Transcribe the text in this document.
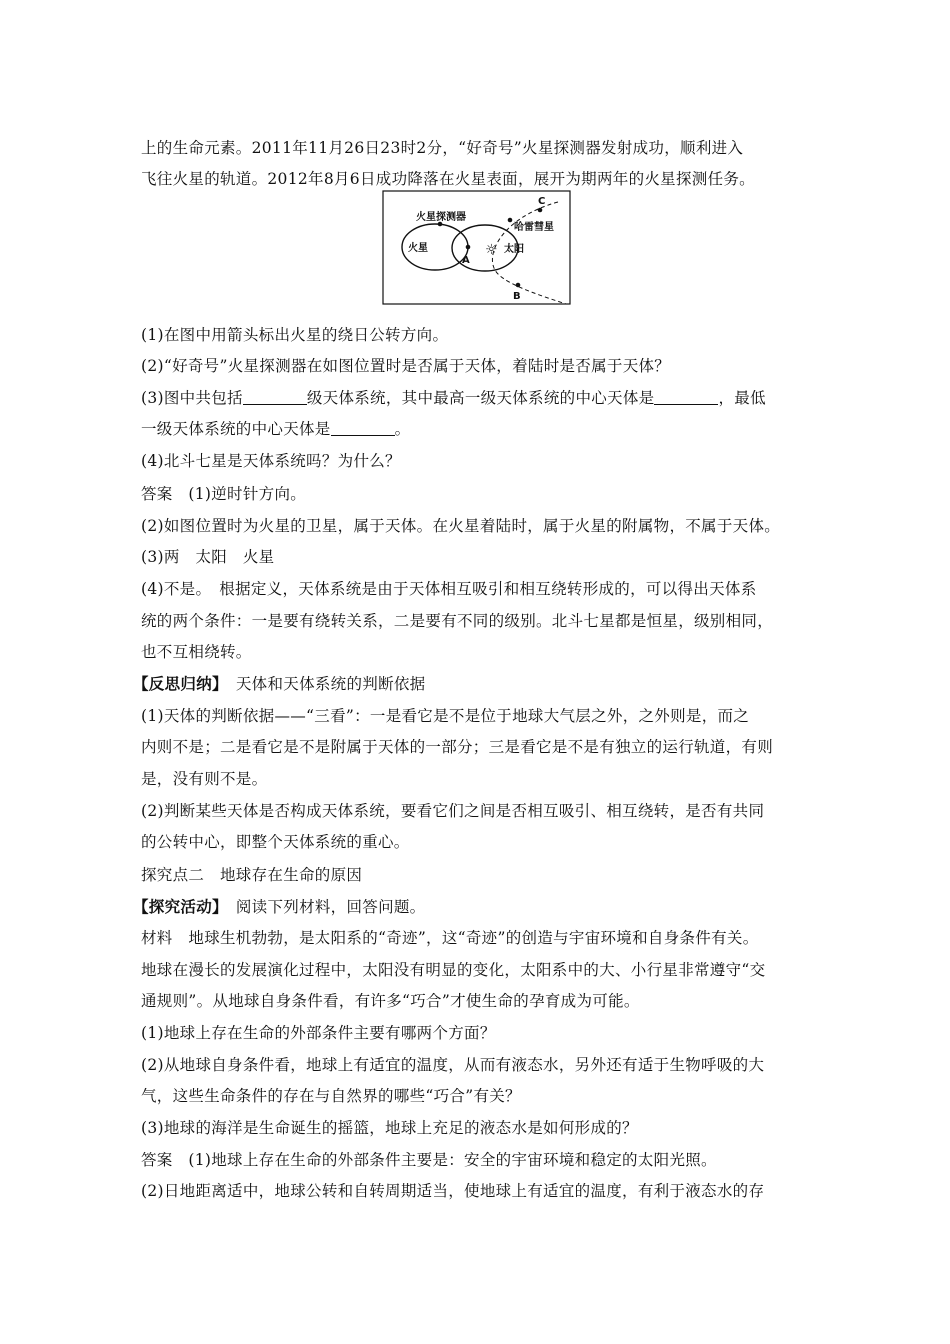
上的生命元素。2011年11月26日23时2分，“好奇号”火星探测器发射成功，顺利进入
飞往火星的轨道。2012年8月6日成功降落在火星表面，展开为期两年的火星探测任务。
火星探测器
火星
A
☼ 太阳
哈雷彗星
C
B
(1)在图中用箭头标出火星的绕日公转方向。
(2)“好奇号”火星探测器在如图位置时是否属于天体，着陆时是否属于天体？
(3)图中共包括	级天体系统，其中最高一级天体系统的中心天体是	，最低
一级天体系统的中心天体是	。
(4)北斗七星是天体系统吗？为什么？
答案　(1)逆时针方向。
(2)如图位置时为火星的卫星，属于天体。在火星着陆时，属于火星的附属物，不属于天体。
(3)两　太阳　火星
(4)不是。　根据定义，天体系统是由于天体相互吸引和相互绕转形成的，可以得出天体系
统的两个条件：一是要有绕转关系，二是要有不同的级别。北斗七星都是恒星，级别相同，
也不互相绕转。
【反思归纳】　天体和天体系统的判断依据
(1)天体的判断依据——“三看”：一是看它是不是位于地球大气层之外，之外则是，而之
内则不是；二是看它是不是附属于天体的一部分；三是看它是不是有独立的运行轨道，有则
是，没有则不是。
(2)判断某些天体是否构成天体系统，要看它们之间是否相互吸引、相互绕转，是否有共同
的公转中心，即整个天体系统的重心。
探究点二　地球存在生命的原因
【探究活动】　阅读下列材料，回答问题。
材料　地球生机勃勃，是太阳系的“奇迹”，这“奇迹”的创造与宇宙环境和自身条件有关。
地球在漫长的发展演化过程中，太阳没有明显的变化，太阳系中的大、小行星非常遵守“交
通规则”。从地球自身条件看，有许多“巧合”才使生命的孕育成为可能。
(1)地球上存在生命的外部条件主要有哪两个方面？
(2)从地球自身条件看，地球上有适宜的温度，从而有液态水，另外还有适于生物呼吸的大
气，这些生命条件的存在与自然界的哪些“巧合”有关？
(3)地球的海洋是生命诞生的摇篮，地球上充足的液态水是如何形成的？
答案　(1)地球上存在生命的外部条件主要是：安全的宇宙环境和稳定的太阳光照。
(2)日地距离适中，地球公转和自转周期适当，使地球上有适宜的温度，有利于液态水的存
